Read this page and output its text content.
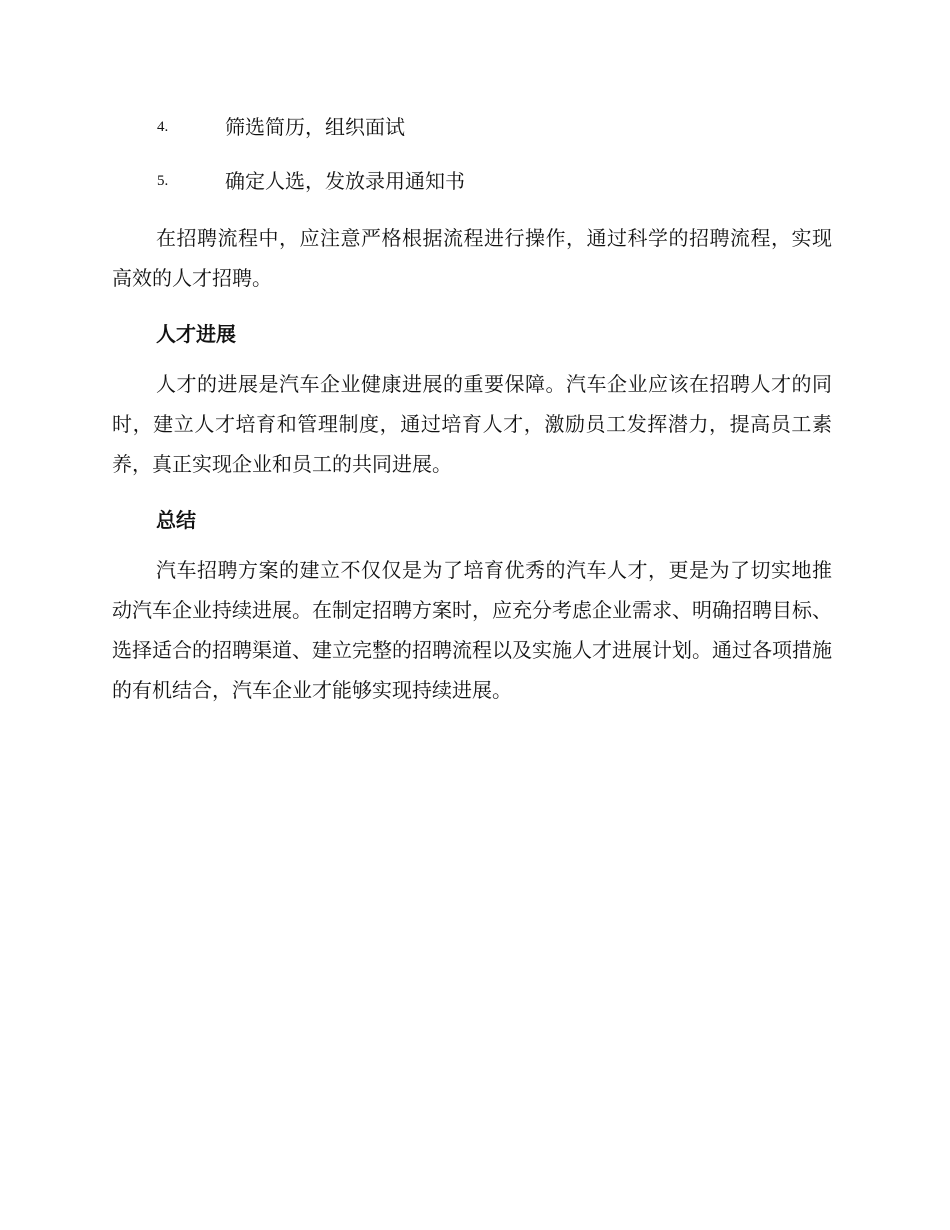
4.	筛选简历，组织面试
5.	确定人选，发放录用通知书

在招聘流程中，应注意严格根据流程进行操作，通过科学的招聘流程，实现高效的人才招聘。

人才进展

人才的进展是汽车企业健康进展的重要保障。汽车企业应该在招聘人才的同时，建立人才培育和管理制度，通过培育人才，激励员工发挥潜力，提高员工素养，真正实现企业和员工的共同进展。

总结

汽车招聘方案的建立不仅仅是为了培育优秀的汽车人才，更是为了切实地推动汽车企业持续进展。在制定招聘方案时，应充分考虑企业需求、明确招聘目标、选择适合的招聘渠道、建立完整的招聘流程以及实施人才进展计划。通过各项措施的有机结合，汽车企业才能够实现持续进展。
